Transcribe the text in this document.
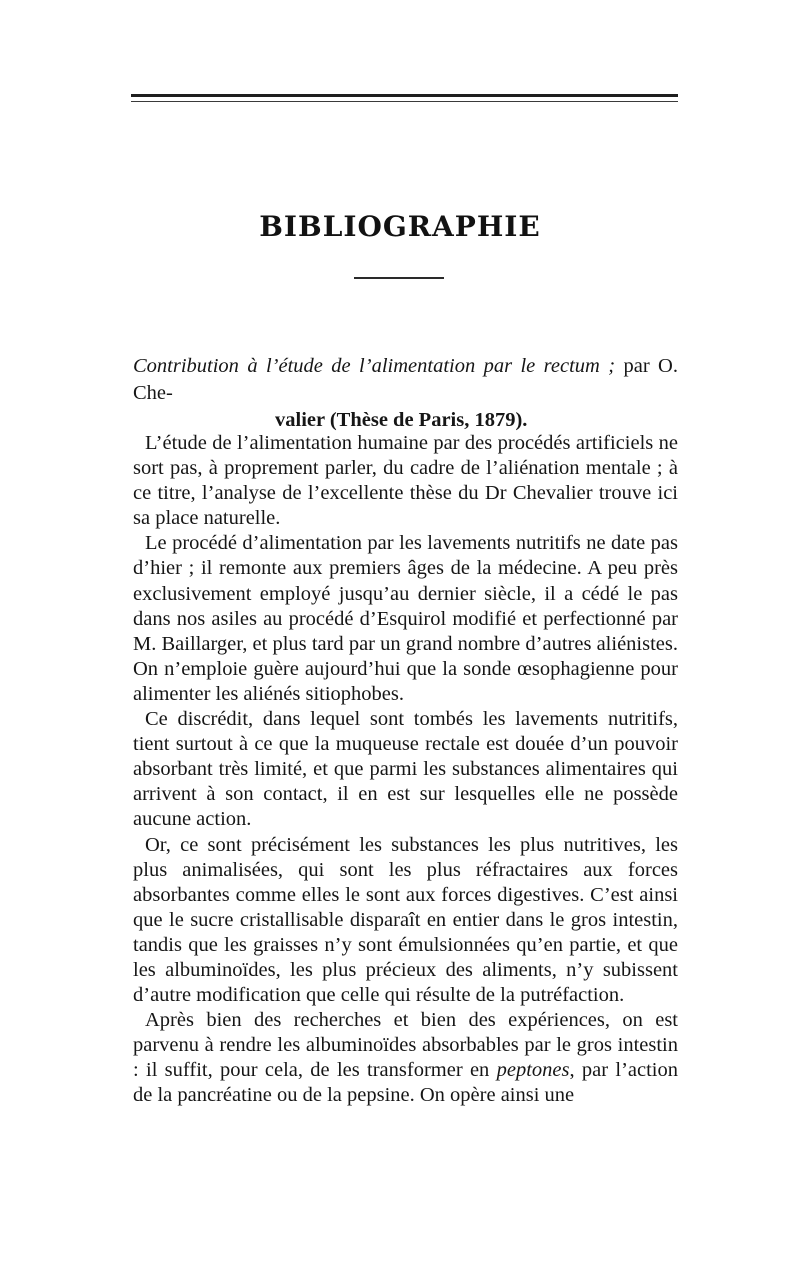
BIBLIOGRAPHIE
Contribution à l’étude de l’alimentation par le rectum ; par O. Che-
valier (Thèse de Paris, 1879).

L’étude de l’alimentation humaine par des procédés artificiels ne sort pas, à proprement parler, du cadre de l’aliénation mentale ; à ce titre, l’analyse de l’excellente thèse du Dr Chevalier trouve ici sa place naturelle.

Le procédé d’alimentation par les lavements nutritifs ne date pas d’hier ; il remonte aux premiers âges de la médecine. A peu près exclusivement employé jusqu’au dernier siècle, il a cédé le pas dans nos asiles au procédé d’Esquirol modifié et perfectionné par M. Baillarger, et plus tard par un grand nombre d’autres aliénistes. On n’emploie guère aujourd’hui que la sonde œsophagienne pour alimenter les aliénés sitiophobes.

Ce discrédit, dans lequel sont tombés les lavements nutritifs, tient surtout à ce que la muqueuse rectale est douée d’un pouvoir absorbant très limité, et que parmi les substances alimentaires qui arrivent à son contact, il en est sur lesquelles elle ne possède aucune action.

Or, ce sont précisément les substances les plus nutritives, les plus animalisées, qui sont les plus réfractaires aux forces absorbantes comme elles le sont aux forces digestives. C’est ainsi que le sucre cristallisable disparaît en entier dans le gros intestin, tandis que les graisses n’y sont émulsionnées qu’en partie, et que les albuminoïdes, les plus précieux des aliments, n’y subissent d’autre modification que celle qui résulte de la putréfaction.

Après bien des recherches et bien des expériences, on est parvenu à rendre les albuminoïdes absorbables par le gros intestin : il suffit, pour cela, de les transformer en peptones, par l’action de la pancréatine ou de la pepsine. On opère ainsi une
